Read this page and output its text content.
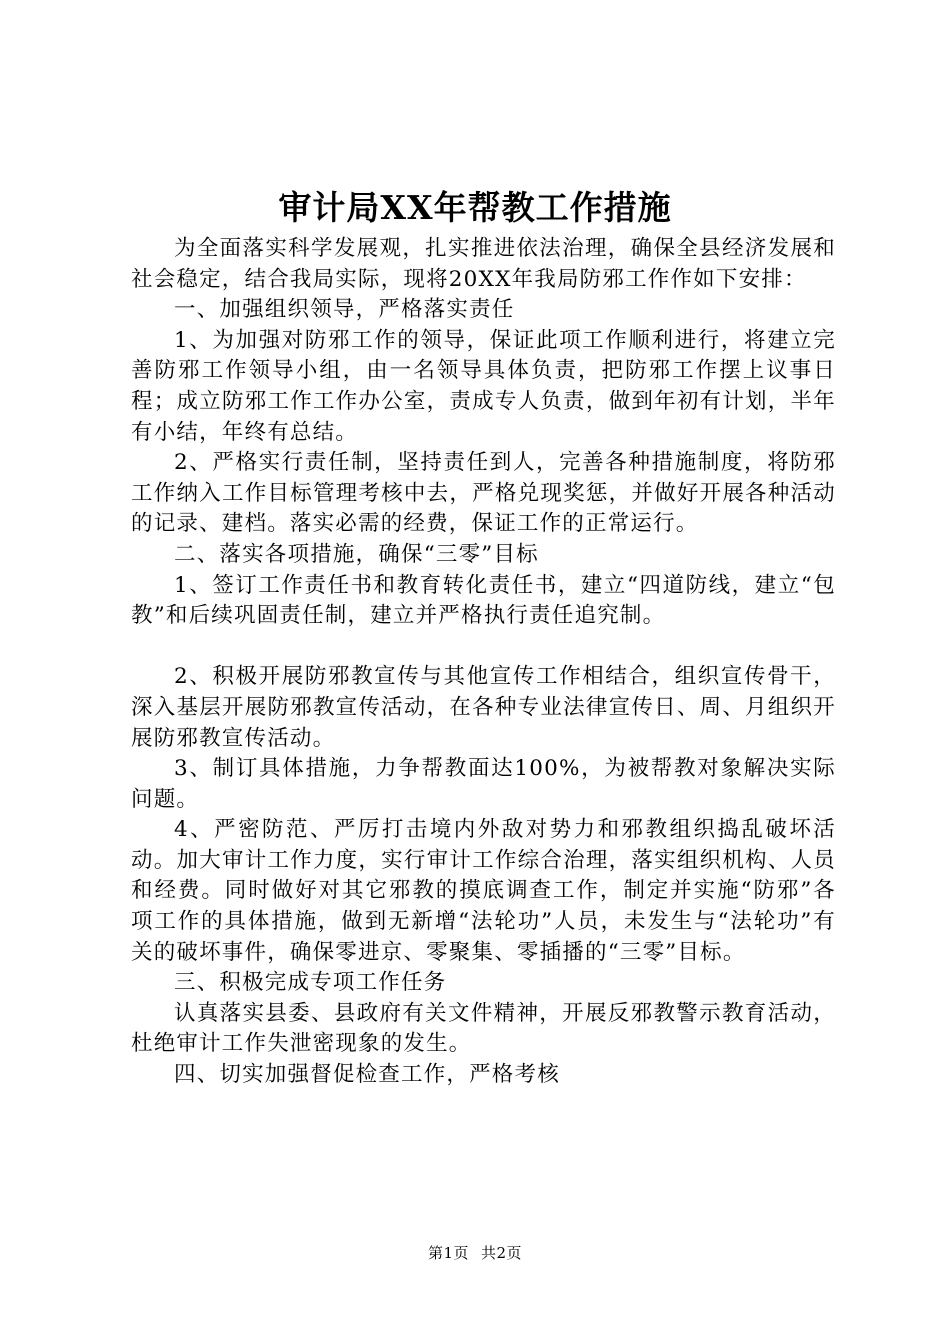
审计局XX年帮教工作措施

为全面落实科学发展观，扎实推进依法治理，确保全县经济发展和社会稳定，结合我局实际，现将20XX年我局防邪工作作如下安排：

一、加强组织领导，严格落实责任

1、为加强对防邪工作的领导，保证此项工作顺利进行，将建立完善防邪工作领导小组，由一名领导具体负责，把防邪工作摆上议事日程；成立防邪工作工作办公室，责成专人负责，做到年初有计划，半年有小结，年终有总结。

2、严格实行责任制，坚持责任到人，完善各种措施制度，将防邪工作纳入工作目标管理考核中去，严格兑现奖惩，并做好开展各种活动的记录、建档。落实必需的经费，保证工作的正常运行。

二、落实各项措施，确保“三零”目标

1、签订工作责任书和教育转化责任书，建立“四道防线，建立“包教”和后续巩固责任制，建立并严格执行责任追究制。

2、积极开展防邪教宣传与其他宣传工作相结合，组织宣传骨干，深入基层开展防邪教宣传活动，在各种专业法律宣传日、周、月组织开展防邪教宣传活动。

3、制订具体措施，力争帮教面达100%，为被帮教对象解决实际问题。

4、严密防范、严厉打击境内外敌对势力和邪教组织捣乱破坏活动。加大审计工作力度，实行审计工作综合治理，落实组织机构、人员和经费。同时做好对其它邪教的摸底调查工作，制定并实施“防邪”各项工作的具体措施，做到无新增“法轮功”人员，未发生与“法轮功”有关的破坏事件，确保零进京、零聚集、零插播的“三零”目标。

三、积极完成专项工作任务

认真落实县委、县政府有关文件精神，开展反邪教警示教育活动，杜绝审计工作失泄密现象的发生。

四、切实加强督促检查工作，严格考核

第1页 共2页
